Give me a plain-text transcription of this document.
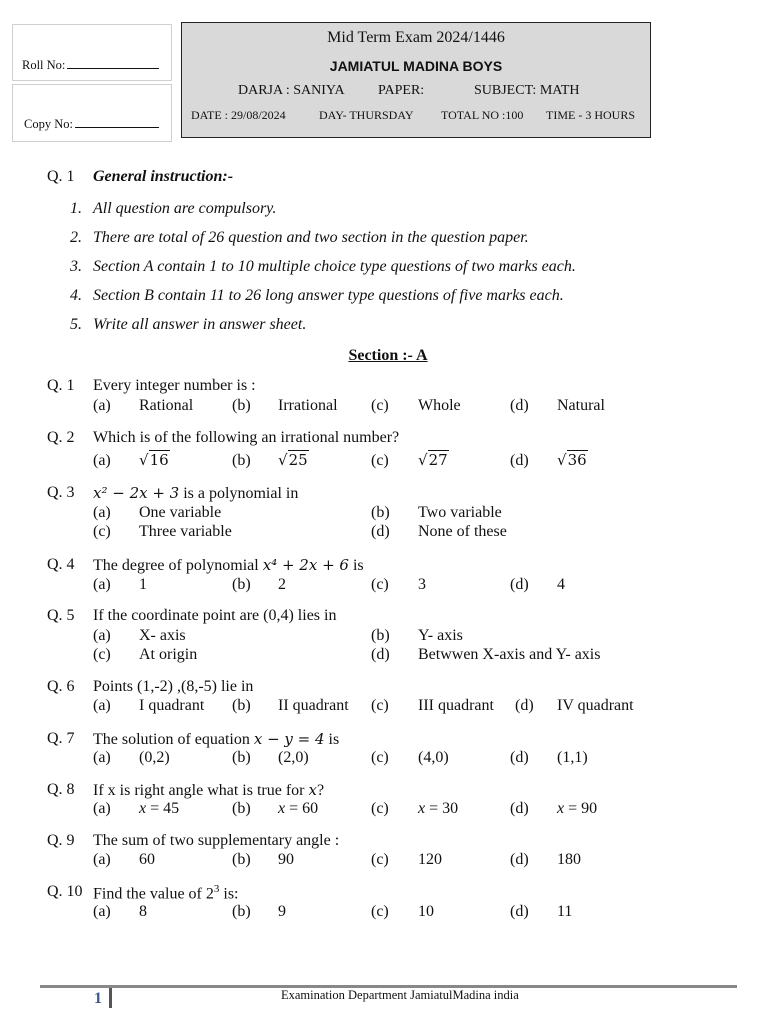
Roll No:
Copy No:
Mid Term Exam 2024/1446
JAMIATUL MADINA BOYS
DARJA : SANIYA PAPER:	SUBJECT: MATH
DATE : 29/08/2024	DAY- THURSDAY TOTAL NO :100 TIME - 3 HOURS
Q. 1 General instruction:-
1. All question are compulsory.
2. There are total of 26 question and two section in the question paper.
3. Section A contain 1 to 10 multiple choice type questions of two marks each.
4. Section B contain 11 to 26 long answer type questions of five marks each.
5. Write all answer in answer sheet.
Section :- A
Q. 1 Every integer number is :
(a) Rational (b) Irrational (c) Whole	(d) Natural
Q. 2 Which is of the following an irrational number?
(a) √16	(b) √25	(c) √27	(d) √36
Q. 3 x² − 2x + 3 is a polynomial in
(a) One variable	(b) Two variable
(c) Three variable	(d) None of these
Q. 4 The degree of polynomial x⁴ + 2x + 6 is
(a) 1	(b) 2	(c) 3	(d) 4
Q. 5 If the coordinate point are (0,4) lies in
(a) X- axis	(b) Y- axis
(c) At origin	(d) Betwwen X-axis and Y- axis
Q. 6 Points (1,-2) ,(8,-5) lie in
(a) I quadrant (b) II quadrant (c) III quadrant (d) IV quadrant
Q. 7 The solution of equation x − y = 4 is
(a) (0,2)	(b) (2,0)	(c) (4,0)	(d) (1,1)
Q. 8 If x is right angle what is true for x?
(a) x = 45	(b) x = 60	(c) x = 30	(d) x = 90
Q. 9 The sum of two supplementary angle :
(a) 60	(b) 90	(c) 120	(d) 180
Q. 10 Find the value of $2^3$ is:
(a) 8	(b) 9	(c) 10	(d) 11
1	Examination Department JamiatulMadina india
